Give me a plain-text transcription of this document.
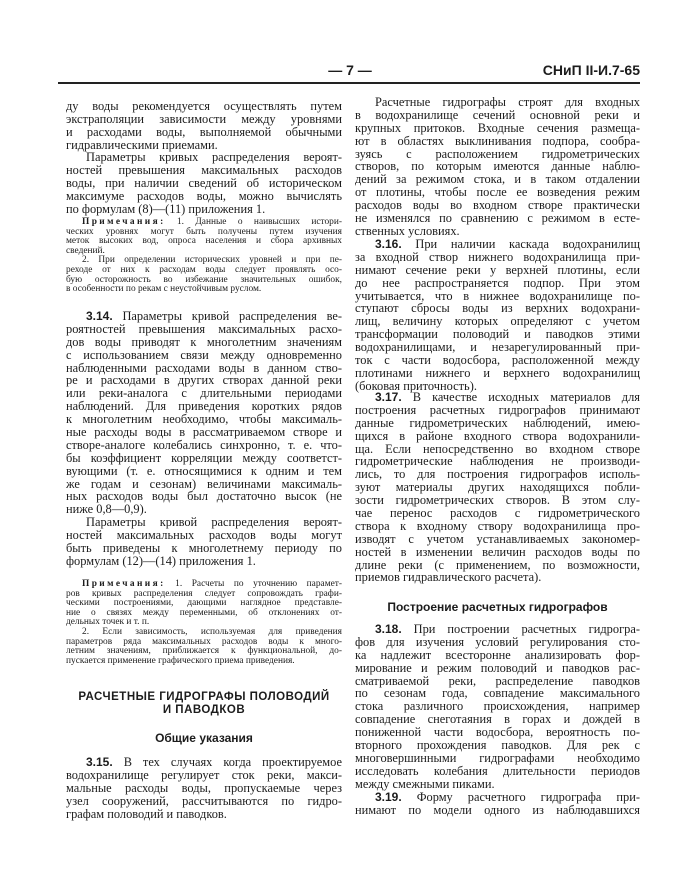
— 7 —	СНиП II-И.7-65
ду воды рекомендуется осуществлять путем
экстраполяции зависимости между уровнями
и расходами воды, выполняемой обычными
гидравлическими приемами.
Параметры кривых распределения вероят-
ностей превышения максимальных расходов
воды, при наличии сведений об историческом
максимуме расходов воды, можно вычислять
по формулам (8)—(11) приложения 1.
Примечания: 1. Данные о наивысших истори-
ческих уровнях могут быть получены путем изучения
меток высоких вод, опроса населения и сбора архивных
сведений.
2. При определении исторических уровней и при пе-
реходе от них к расходам воды следует проявлять осо-
бую осторожность во избежание значительных ошибок,
в особенности по рекам с неустойчивым руслом.
3.14. Параметры кривой распределения ве-
роятностей превышения максимальных расхо-
дов воды приводят к многолетним значениям
с использованием связи между одновременно
наблюденными расходами воды в данном ство-
ре и расходами в других створах данной реки
или реки-аналога с длительными периодами
наблюдений. Для приведения коротких рядов
к многолетним необходимо, чтобы максималь-
ные расходы воды в рассматриваемом створе и
створе-аналоге колебались синхронно, т. е. что-
бы коэффициент корреляции между соответст-
вующими (т. е. относящимися к одним и тем
же годам и сезонам) величинами максималь-
ных расходов воды был достаточно высок (не
ниже 0,8—0,9).
Параметры кривой распределения вероят-
ностей максимальных расходов воды могут
быть приведены к многолетнему периоду по
формулам (12)—(14) приложения 1.
Примечания: 1. Расчеты по уточнению парамет-
ров кривых распределения следует сопровождать графи-
ческими построениями, дающими наглядное представле-
ние о связях между переменными, об отклонениях от-
дельных точек и т. п.
2. Если зависимость, используемая для приведения
параметров ряда максимальных расходов воды к много-
летним значениям, приближается к функциональной, до-
пускается применение графического приема приведения.
РАСЧЕТНЫЕ ГИДРОГРАФЫ ПОЛОВОДИЙ
И ПАВОДКОВ
Общие указания
3.15. В тех случаях когда проектируемое
водохранилище регулирует сток реки, макси-
мальные расходы воды, пропускаемые через
узел сооружений, рассчитываются по гидро-
графам половодий и паводков.
Расчетные гидрографы строят для входных
в водохранилище сечений основной реки и
крупных притоков. Входные сечения размеща-
ют в областях выклинивания подпора, сообра-
зуясь с расположением гидрометрических
створов, по которым имеются данные наблю-
дений за режимом стока, и в таком отдалении
от плотины, чтобы после ее возведения режим
расходов воды во входном створе практически
не изменялся по сравнению с режимом в есте-
ственных условиях.
3.16. При наличии каскада водохранилищ
за входной створ нижнего водохранилища при-
нимают сечение реки у верхней плотины, если
до нее распространяется подпор. При этом
учитывается, что в нижнее водохранилище по-
ступают сбросы воды из верхних водохрани-
лищ, величину которых определяют с учетом
трансформации половодий и паводков этими
водохранилищами, и незарегулированный при-
ток с части водосбора, расположенной между
плотинами нижнего и верхнего водохранилищ
(боковая приточность).
3.17. В качестве исходных материалов для
построения расчетных гидрографов принимают
данные гидрометрических наблюдений, имею-
щихся в районе входного створа водохранили-
ща. Если непосредственно во входном створе
гидрометрические наблюдения не производи-
лись, то для построения гидрографов исполь-
зуют материалы других находящихся побли-
зости гидрометрических створов. В этом слу-
чае перенос расходов с гидрометрического
створа к входному створу водохранилища про-
изводят с учетом устанавливаемых закономер-
ностей в изменении величин расходов воды по
длине реки (с применением, по возможности,
приемов гидравлического расчета).
Построение расчетных гидрографов
3.18. При построении расчетных гидрогра-
фов для изучения условий регулирования сто-
ка надлежит всесторонне анализировать фор-
мирование и режим половодий и паводков рас-
сматриваемой реки, распределение паводков
по сезонам года, совпадение максимального
стока различного происхождения, например
совпадение снеготаяния в горах и дождей в
пониженной части водосбора, вероятность по-
вторного прохождения паводков. Для рек с
многовершинными гидрографами необходимо
исследовать колебания длительности периодов
между смежными пиками.
3.19. Форму расчетного гидрографа при-
нимают по модели одного из наблюдавшихся
